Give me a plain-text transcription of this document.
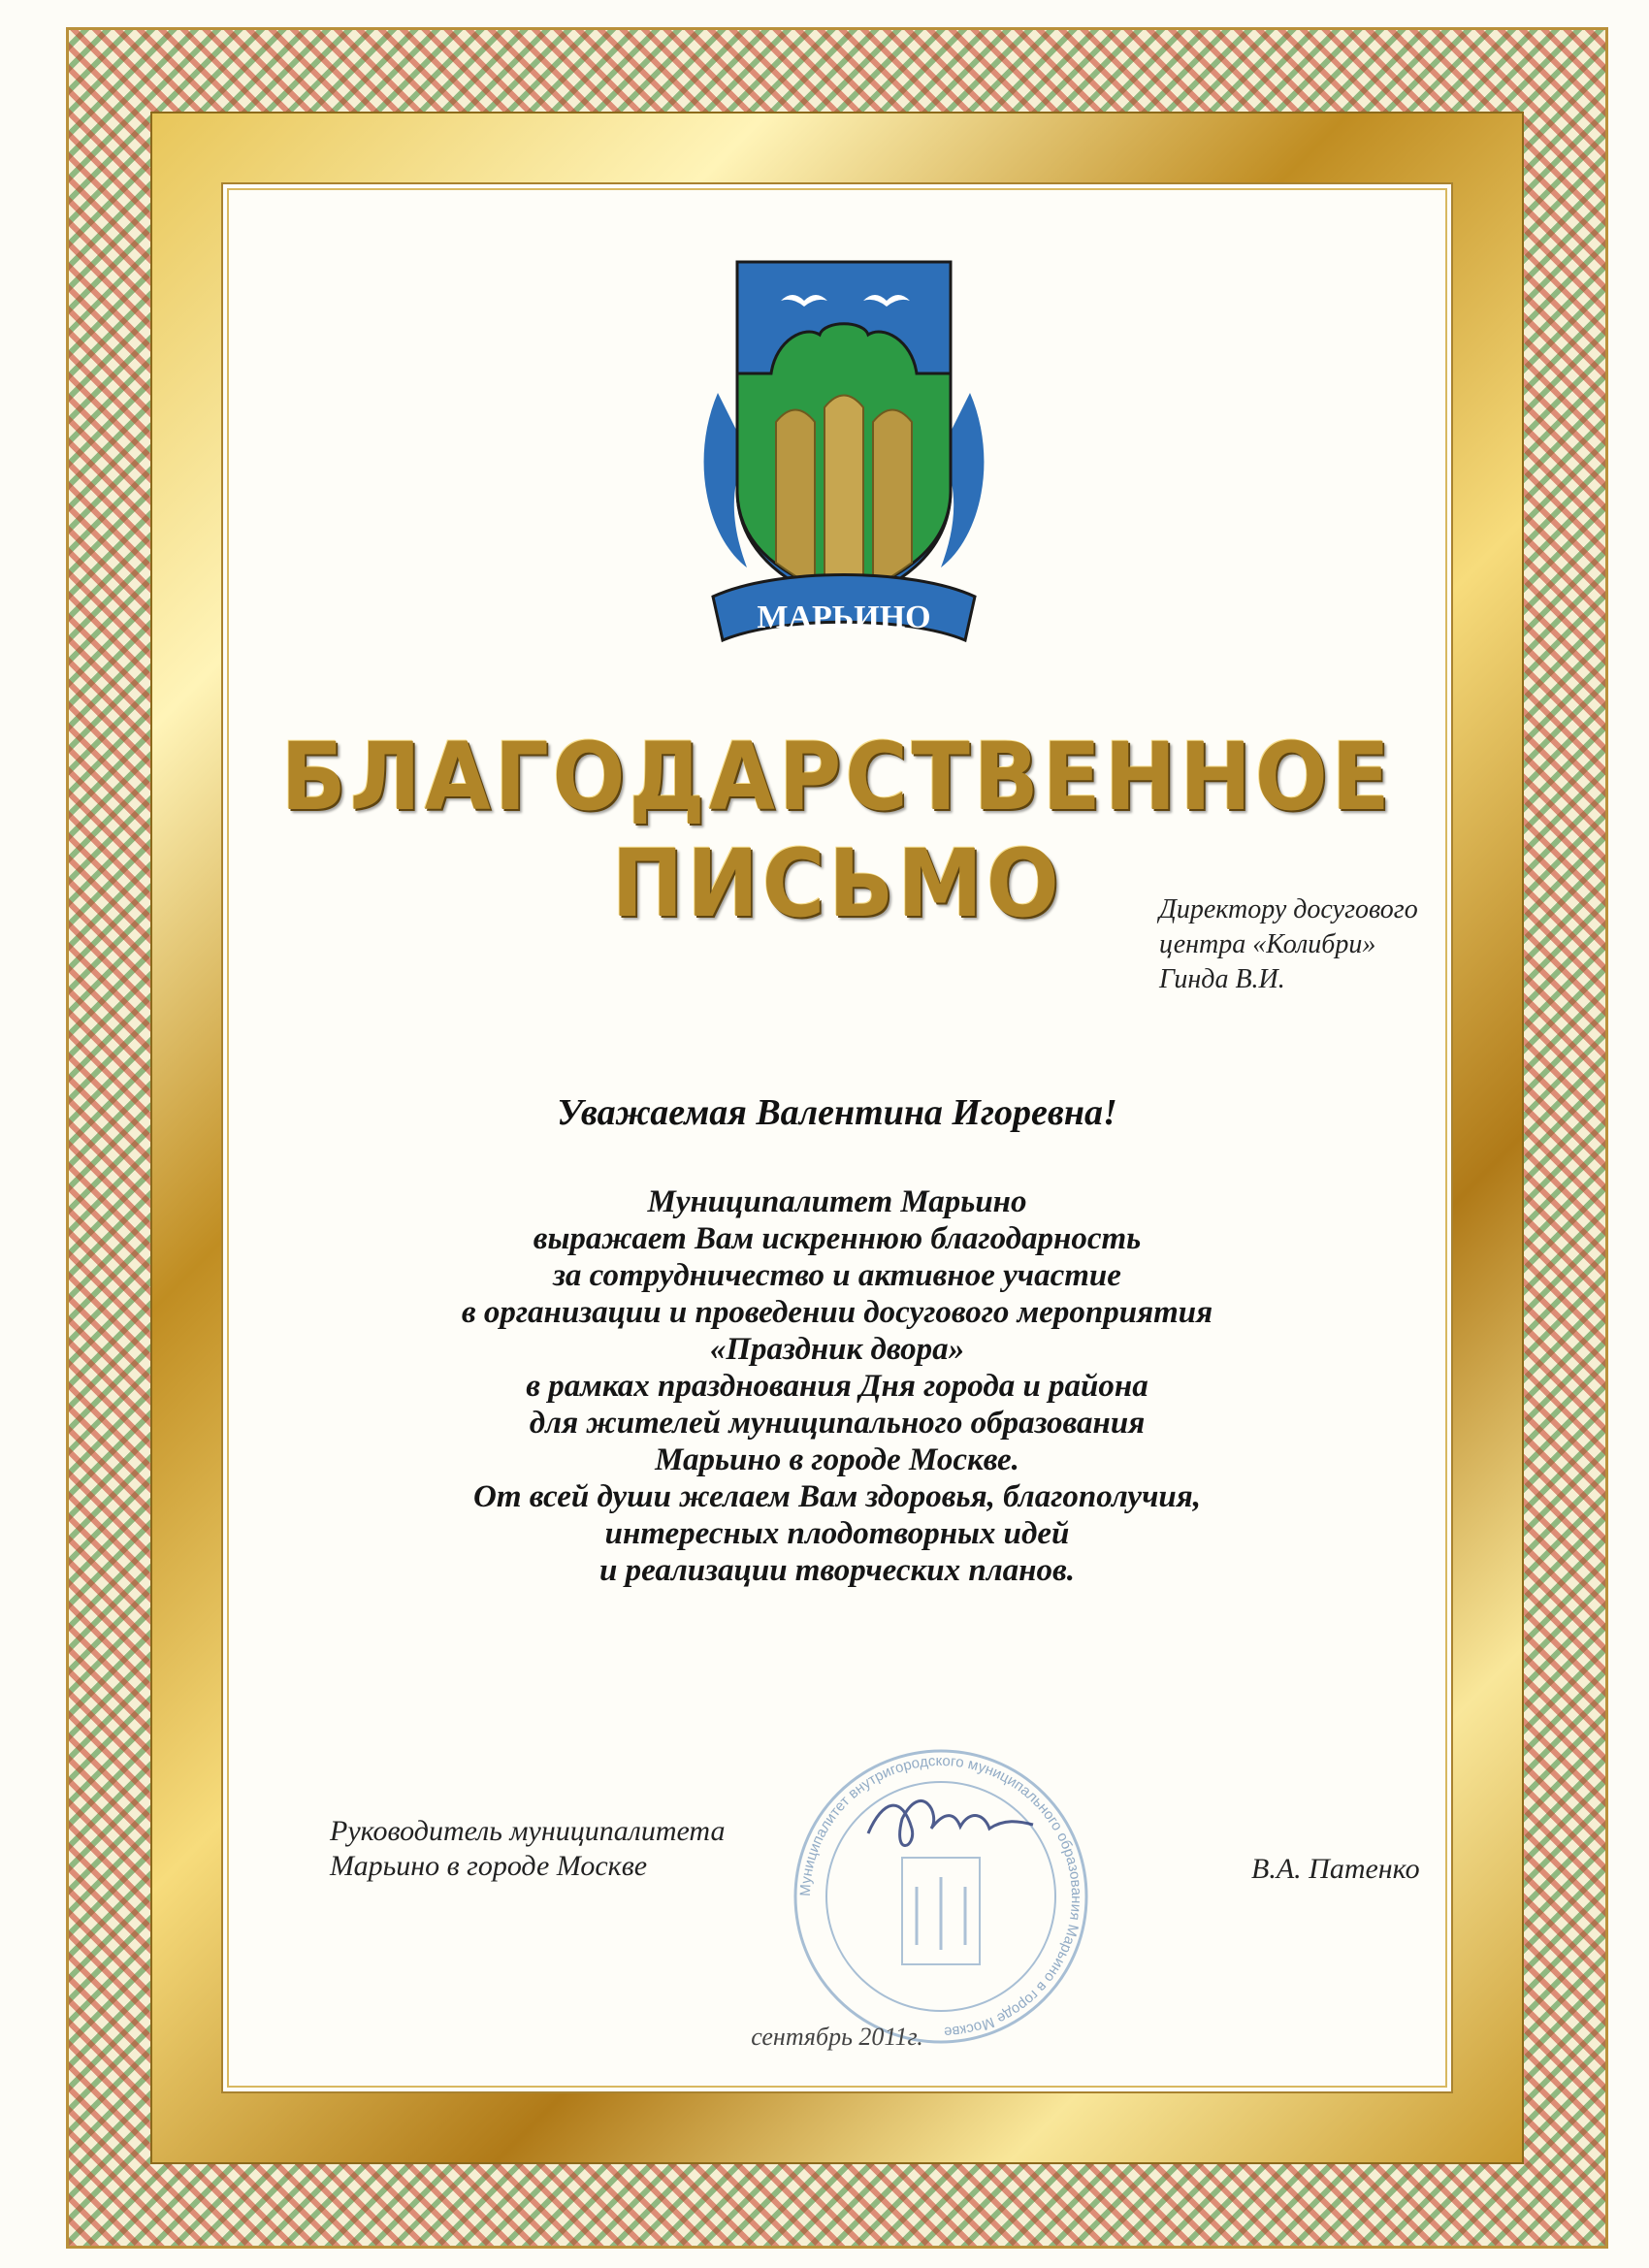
МАРЬИНО
БЛАГОДАРСТВЕННОЕ
ПИСЬМО	Директору досугового
центра «Колибри»
Гинда В.И.
Уважаемая Валентина Игоревна!
Муниципалитет Марьино
выражает Вам искреннюю благодарность
за сотрудничество и активное участие
в организации и проведении досугового мероприятия
«Праздник двора»
в рамках празднования Дня города и района
для жителей муниципального образования
Марьино в городе Москве.
От всей души желаем Вам здоровья, благополучия,
интересных плодотворных идей
и реализации творческих планов.
Муниципалитет внутригородского муниципального образования Марьино в городе Москве
Руководитель муниципалитета
Марьино в городе Москве	В.А. Патенко
сентябрь 2011г.
